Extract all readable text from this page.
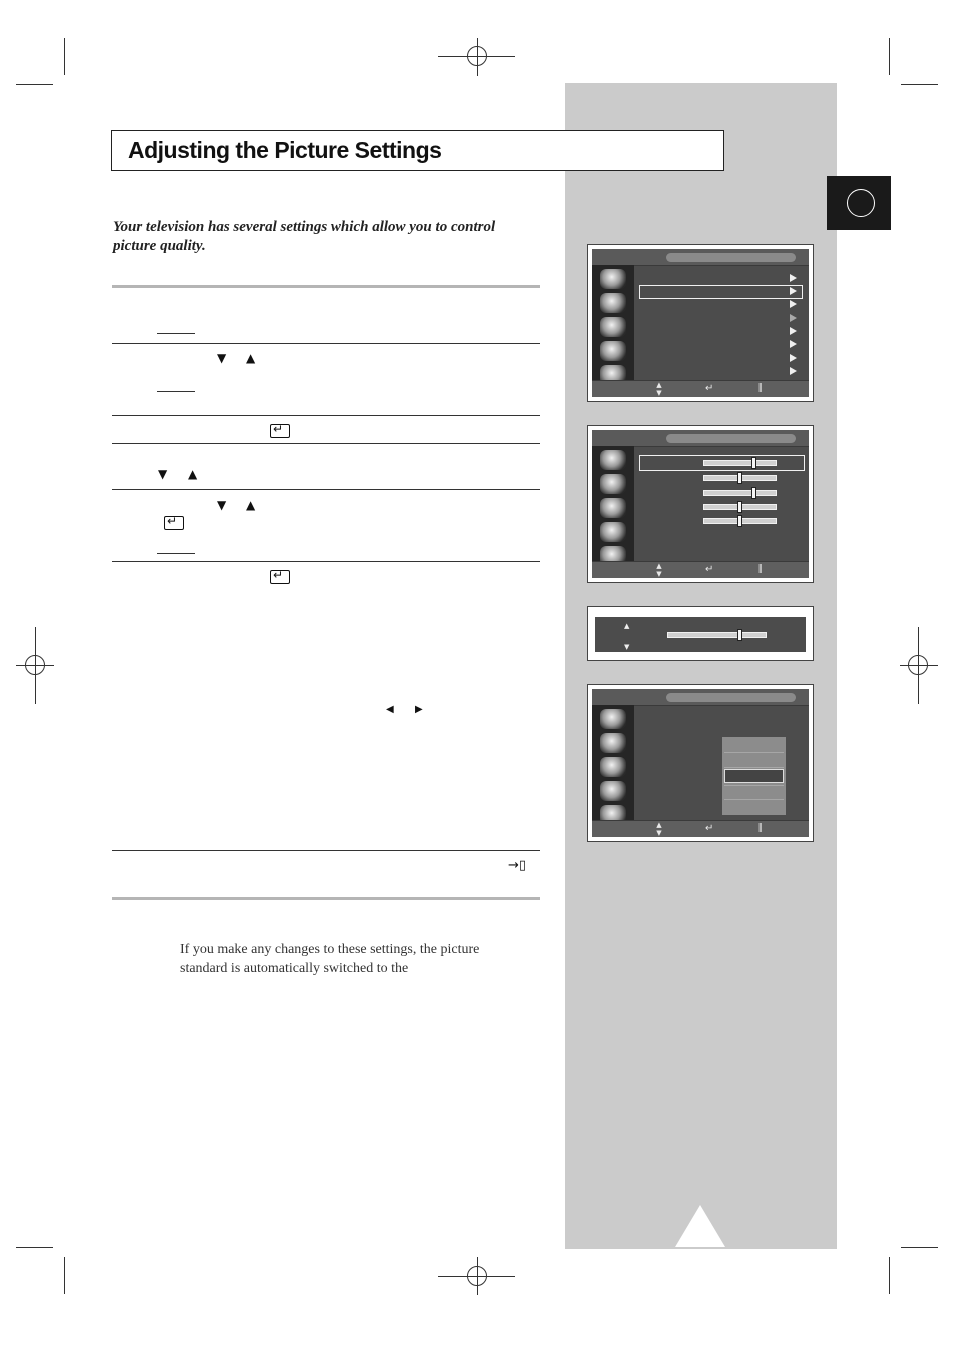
Adjusting the Picture Settings
Your television has several settings which allow you to control picture quality.
▼ ▲
↵
▼ ▲
▼ ▲
↵
↵
◀ ▶
→▯
If you make any changes to these settings, the picture standard is automatically switched to the
▲▼	↵	⫼
▲▼	↵	⫼
▲
▼
▲▼	↵	⫼
